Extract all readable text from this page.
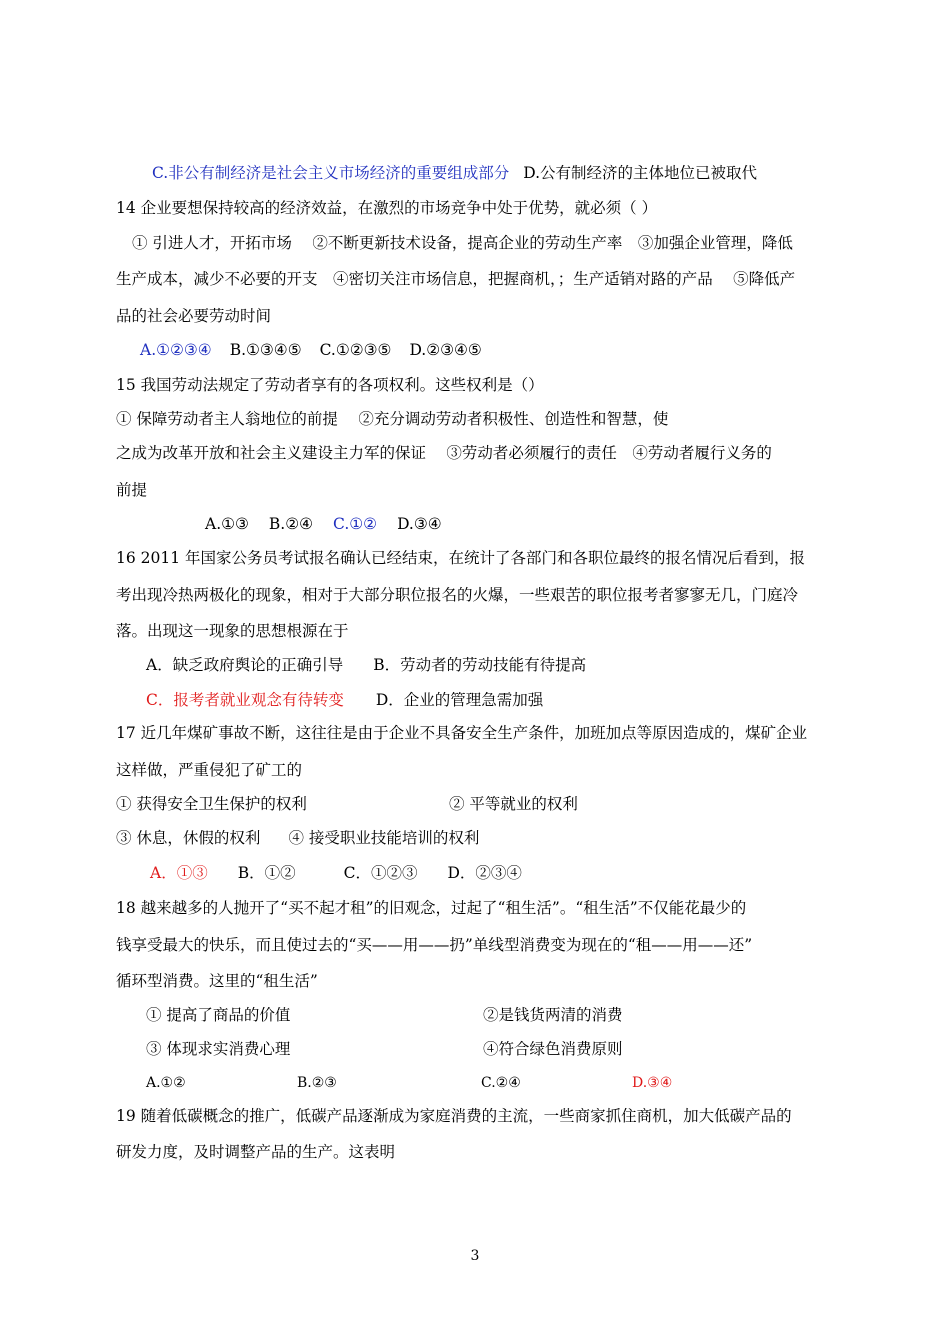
C.非公有制经济是社会主义市场经济的重要组成部分 D.公有制经济的主体地位已被取代
14 企业要想保持较高的经济效益，在激烈的市场竞争中处于优势，就必须（ ）
① 引进人才，开拓市场　 ②不断更新技术设备，提高企业的劳动生产率　③加强企业管理，降低
生产成本，减少不必要的开支　④密切关注市场信息，把握商机，；生产适销对路的产品　 ⑤降低产
品的社会必要劳动时间
A.①②③④ B.①③④⑤ C.①②③⑤ D.②③④⑤
15 我国劳动法规定了劳动者享有的各项权利。这些权利是（）
① 保障劳动者主人翁地位的前提　 ②充分调动劳动者积极性、创造性和智慧，使
之成为改革开放和社会主义建设主力军的保证　 ③劳动者必须履行的责任　④劳动者履行义务的
前提
A.①③ B.②④ C.①② D.③④
16 2011 年国家公务员考试报名确认已经结束，在统计了各部门和各职位最终的报名情况后看到，报
考出现冷热两极化的现象，相对于大部分职位报名的火爆，一些艰苦的职位报考者寥寥无几，门庭冷
落。出现这一现象的思想根源在于
A．缺乏政府舆论的正确引导 B．劳动者的劳动技能有待提高
C．报考者就业观念有待转变 D．企业的管理急需加强
17 近几年煤矿事故不断，这往往是由于企业不具备安全生产条件，加班加点等原因造成的，煤矿企业
这样做，严重侵犯了矿工的
① 获得安全卫生保护的权利	② 平等就业的权利
③ 休息，休假的权利 ④ 接受职业技能培训的权利
A．①③ B．①②	C．①②③ D．②③④
18 越来越多的人抛开了“买不起才租”的旧观念，过起了“租生活”。“租生活”不仅能花最少的
钱享受最大的快乐，而且使过去的“买——用——扔”单线型消费变为现在的“租——用——还”
循环型消费。这里的“租生活”
① 提高了商品的价值	②是钱货两清的消费
③ 体现求实消费心理	④符合绿色消费原则
A.①②	B.②③	C.②④	D.③④
19 随着低碳概念的推广，低碳产品逐渐成为家庭消费的主流，一些商家抓住商机，加大低碳产品的
研发力度，及时调整产品的生产。这表明
3
